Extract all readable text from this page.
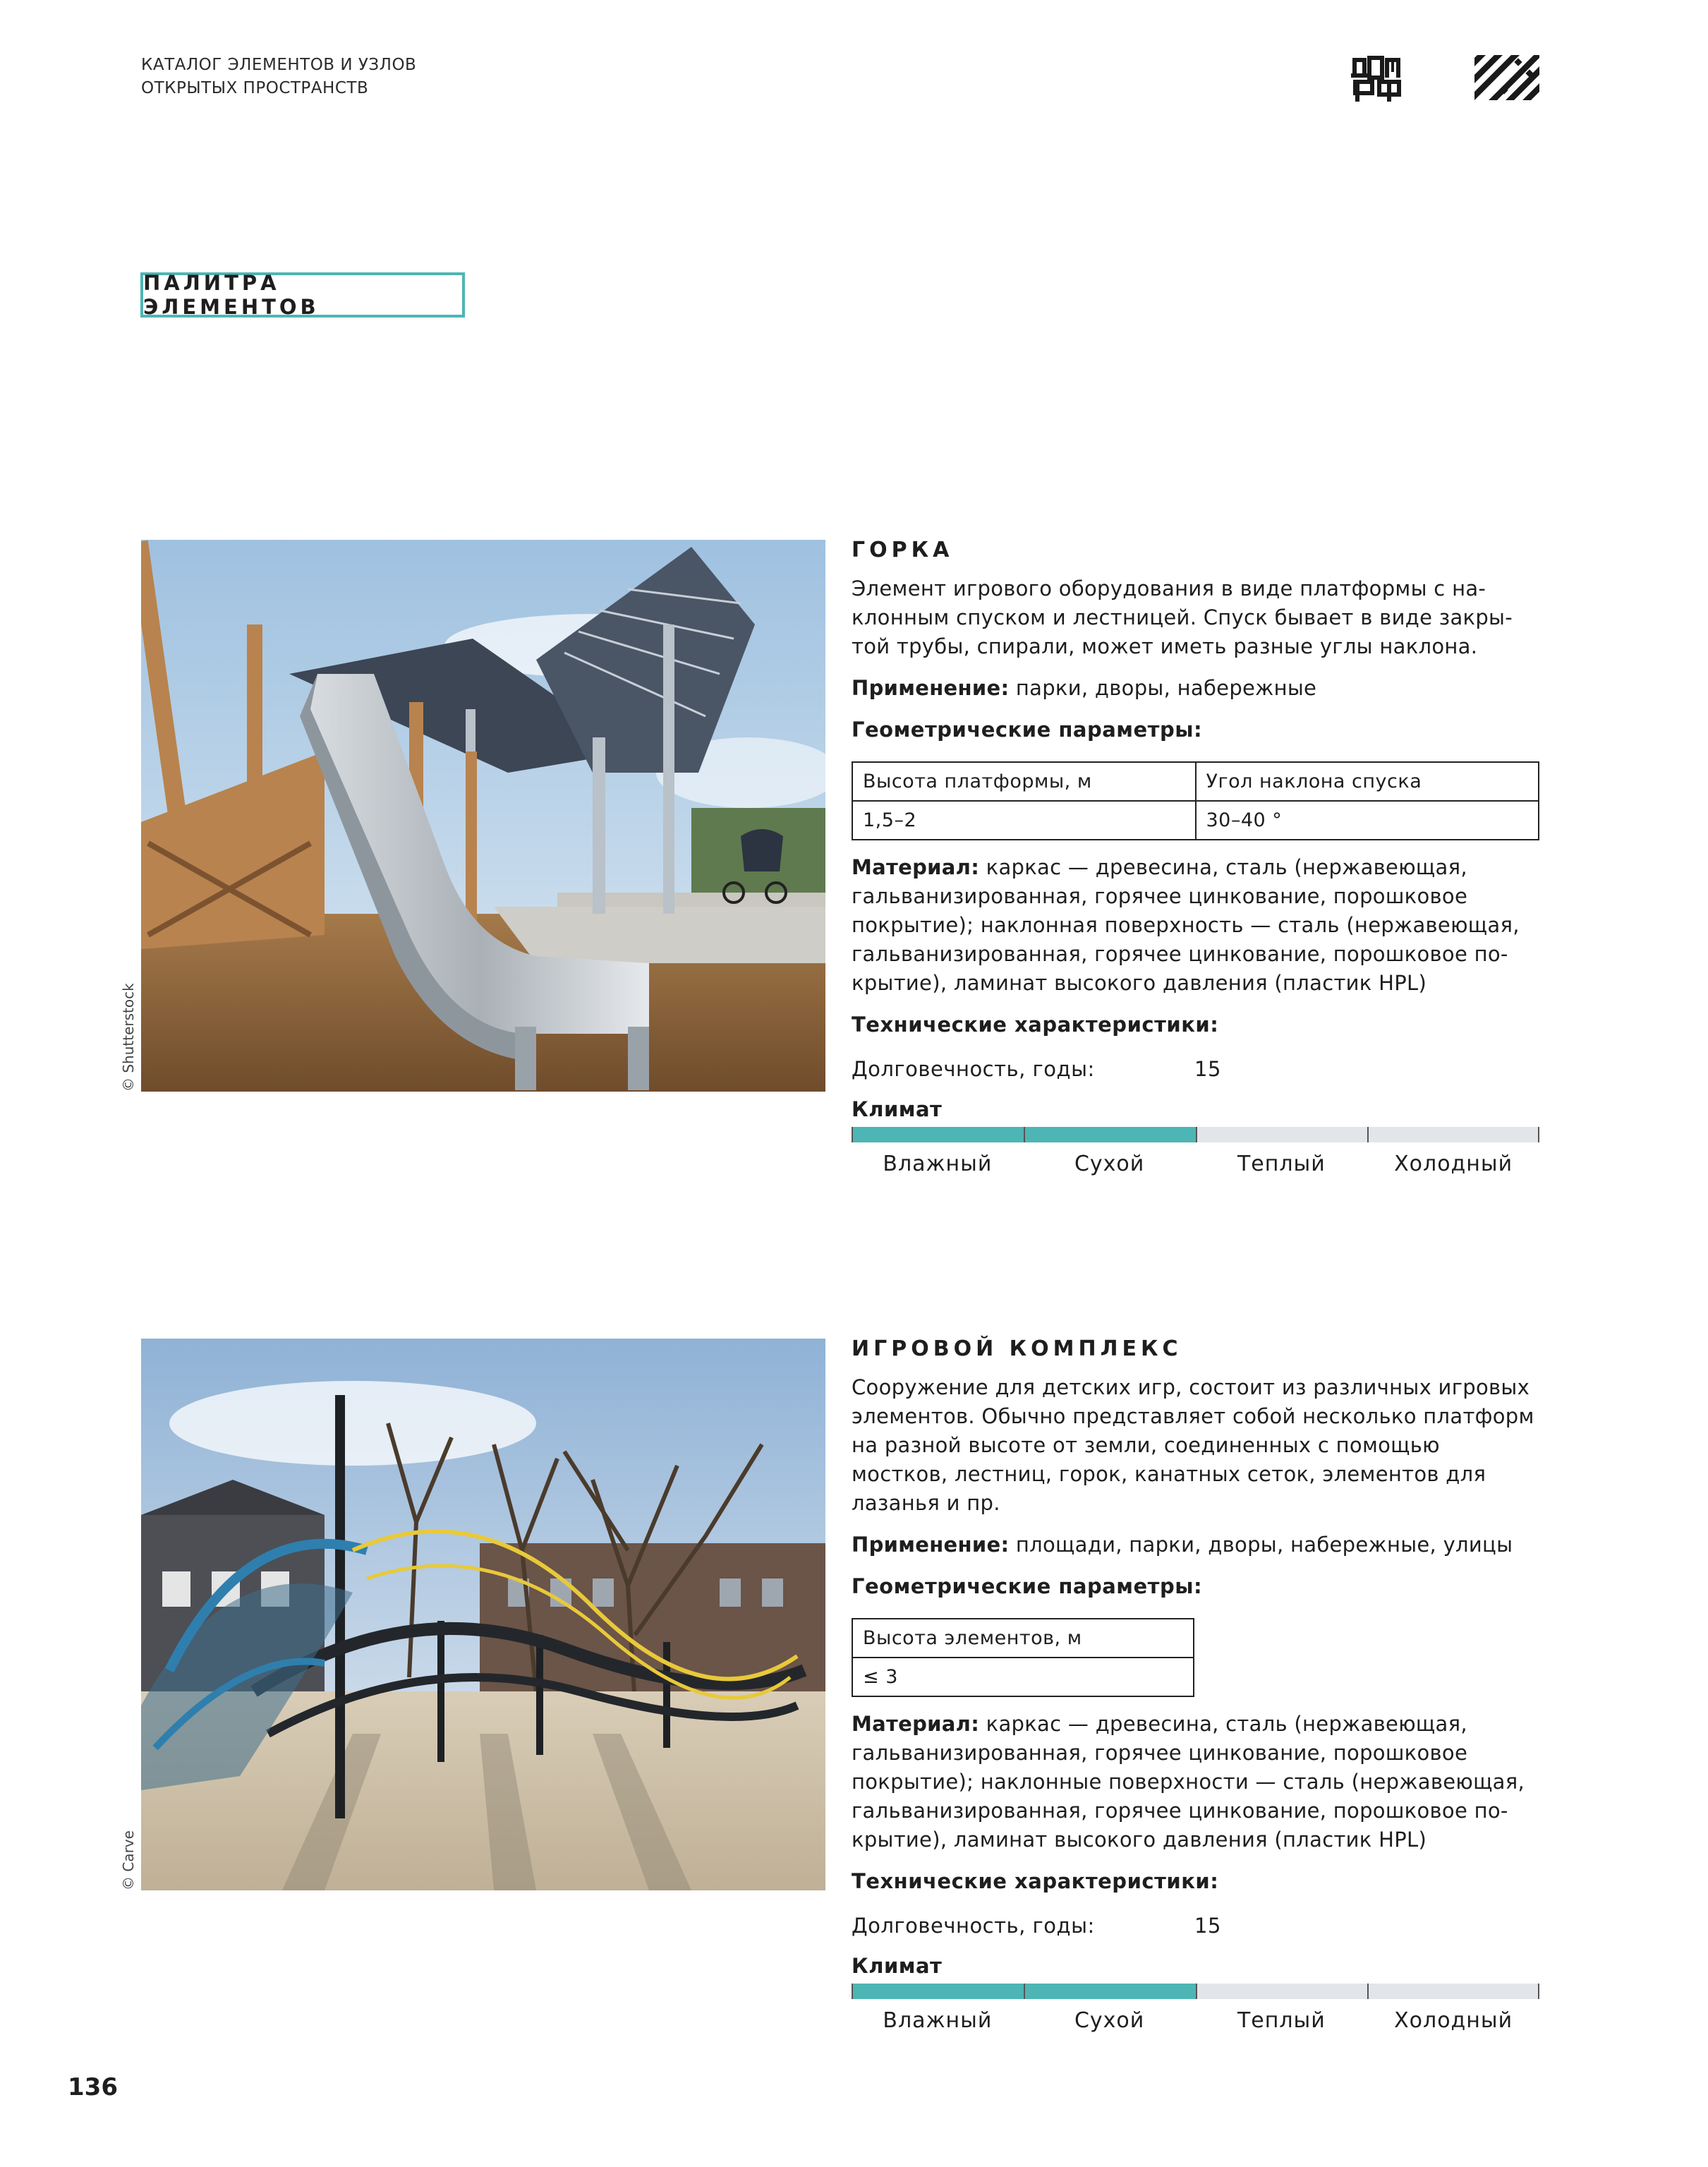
КАТАЛОГ ЭЛЕМЕНТОВ И УЗЛОВ
ОТКРЫТЫХ ПРОСТРАНСТВ
ПАЛИТРА ЭЛЕМЕНТОВ
© Shutterstock
ГОРКА

Элемент игрового оборудования в виде платформы с на-клонным спуском и лестницей. Спуск бывает в виде закры-той трубы, спирали, может иметь разные углы наклона.

Применение: парки, дворы, набережные

Геометрические параметры:
Высота платформы, м	Угол наклона спуска
1,5–2	30–40 °

Материал: каркас — древесина, сталь (нержавеющая, гальванизированная, горячее цинкование, порошковое покрытие); наклонная поверхность — сталь (нержавеющая, гальванизированная, горячее цинкование, порошковое по-крытие), ламинат высокого давления (пластик HPL)

Технические характеристики:
Долговечность, годы:	15
Климат
Влажный	Сухой	Теплый	Холодный
© Carve
ИГРОВОЙ КОМПЛЕКС

Сооружение для детских игр, состоит из различных игровых элементов. Обычно представляет собой несколько платформ на разной высоте от земли, соединенных с помощью мостков, лестниц, горок, канатных сеток, элементов для лазанья и пр.

Применение: площади, парки, дворы, набережные, улицы

Геометрические параметры:
Высота элементов, м
≤ 3

Материал: каркас — древесина, сталь (нержавеющая, гальванизированная, горячее цинкование, порошковое покрытие); наклонные поверхности — сталь (нержавеющая, гальванизированная, горячее цинкование, порошковое по-крытие), ламинат высокого давления (пластик HPL)

Технические характеристики:
Долговечность, годы:	15
Климат
Влажный	Сухой	Теплый	Холодный
136
